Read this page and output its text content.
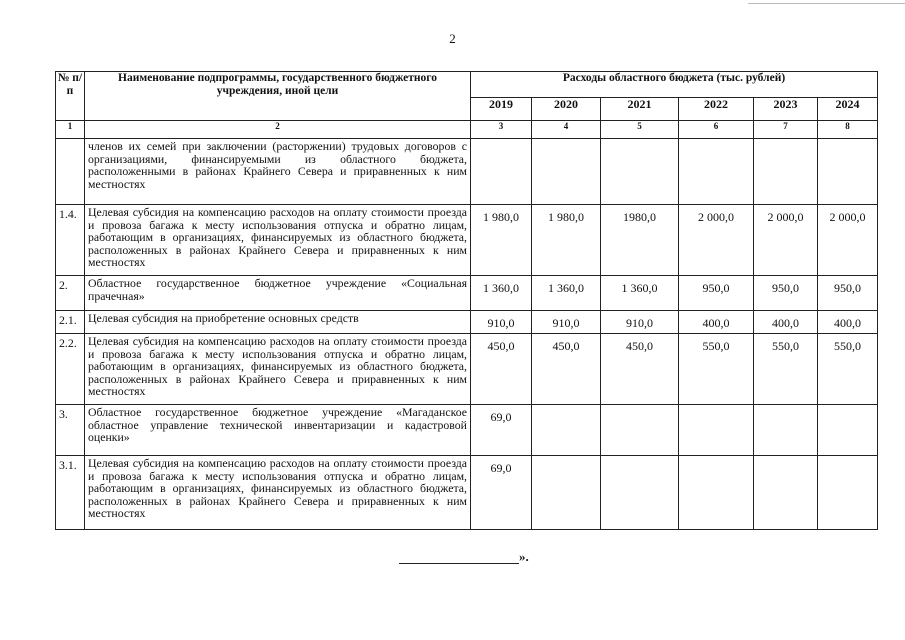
2
№ п/п	Наименование подпрограммы, государственного бюджетного учреждения, иной цели	Расходы областного бюджета (тыс. рублей)					
		2019	2020	2021	2022	2023	2024
1	2	3	4	5	6	7	8
	членов их семей при заключении (расторжении) трудовых договоров с организациями, финансируемыми из областного бюджета, расположенными в районах Крайнего Севера и приравненных к ним местностях						
1.4.	Целевая субсидия на компенсацию расходов на оплату стоимости проезда и провоза багажа к месту использования отпуска и обратно лицам, работающим в организациях, финансируемых из областного бюджета, расположенных в районах Крайнего Севера и приравненных к ним местностях	1 980,0	1 980,0	1980,0	2 000,0	2 000,0	2 000,0
2.	Областное государственное бюджетное учреждение «Социальная прачечная»	1 360,0	1 360,0	1 360,0	950,0	950,0	950,0
2.1.	Целевая субсидия на приобретение основных средств	910,0	910,0	910,0	400,0	400,0	400,0
2.2.	Целевая субсидия на компенсацию расходов на оплату стоимости проезда и провоза багажа к месту использования отпуска и обратно лицам, работающим в организациях, финансируемых из областного бюджета, расположенных в районах Крайнего Севера и приравненных к ним местностях	450,0	450,0	450,0	550,0	550,0	550,0
3.	Областное государственное бюджетное учреждение «Магаданское областное управление технической инвентаризации и кадастровой оценки»	69,0					
3.1.	Целевая субсидия на компенсацию расходов на оплату стоимости проезда и провоза багажа к месту использования отпуска и обратно лицам, работающим в организациях, финансируемых из областного бюджета, расположенных в районах Крайнего Севера и приравненных к ним местностях	69,0					
».
